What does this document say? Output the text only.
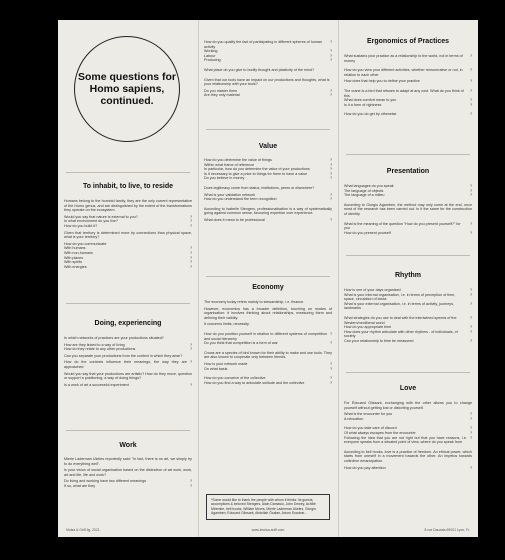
Some questions for Homo sapiens, continued.
To inhabit, to live, to reside

Humans belong to the hominid family, they are the only current representative of the Homo genus, and are distinguished by the extent of the transformations they operate on the ecosystem.

Would you say that nature is external to you?	?
In what environment do you live?	?
How do you build it?	?

Given that territory is determined more by connections than physical space, what is your territory?

How do you communicate
With humans	?
With non-humans	?
With places	?
With spirits	?
With energies	?
Doing, experiencing

In which networks of practices are your productions situated?

How are they linked to a way of living	?
How do they relate to any other productions	?

Can you separate your productions from the context in which they arise?

How do the contexts influence their meanings, the way they are approached
?

Would you say that your productions are artistic? How do they move, question or support a positioning, a way of doing things?

Is a work of art a successful experiment	?
Work

Mierle Laderman Ukeles reportedly said: "In fact, there is no art, we simply try to do everything well".

Is your vision of social organisation based on the distinction of art work, work, art and life, life and work?

Do living and working have two different meanings	?
If so, what are they	?
Motsa & Griff Ilg, 2021.
How do you qualify the fact of participating in different spheres of human activity
?
Working	?
Labour	?
Producing	?

What place do you give to bodily thought and plasticity of the mind?

Given that our tools have an impact on our productions and thoughts, what is your relationship with your tools?

Do you master them	?
Are they only material	?
Value
How do you determine the value of things	?
Within what frame of reference	?
In particular, how do you determine the value of your productions	?
Is it necessary to give a price to things for them to have a value	?
Do you believe in money	?

Does legitimacy come from status, institutions, peers or elsewhere?

What is your validation network	?
How do you understand the term recognition	?

According to Isabelle Stengers, professionalisation is a way of systematically going against common sense, favouring expertise over experience.

What does it mean to be professional	?
Economy

The economy today refers mainly to stewardship, i.e. finance.

However, economics has a broader definition, touching on modes of organisation: it involves thinking about relationships, measuring them and defining their validity.

It concerns limits, necessity.

How do you position yourself in relation to different systems of competition and social hierarchy
?
Do you think that competition is a form of war	?

Crows are a species of bird known for their ability to make and use tools. They are also known to cooperate only between friends.

How is your network made	?
On what basis	?
How do you conceive of the collective	?
How do you find a way to articulate solitude and the collective	?
*Some would like to thank the people with whom it thinks: its guests, accomplices & beloved Stengers, Alain Damasio, John Dewey, Achille Mbembe, bell hooks, William Morris, Mierle Laderman Ukeles, Giorgio Agamben, Edouard Glissant, Abdullah Öcalan, Arturo Escobar...
www.lmotsa-sniff.com
Ergonomics of Practices
What sustains your practice as a relationship to the world, not in terms of money
?
How do you view your different activities, whether remunerative or not, in relation to each other
?
How does that help you to define your practice	?
The crane is a bird that refuses to adapt at any cost. What do you think of this
?
What does comfort mean to you	?
Is it a form of rightness	?
How do you do get by otherwise	?
Presentation
What languages do you speak	?
The language of objects	?
The language of a milieu	?

According to Giorgio Agamben, the method may only come at the end, once most of the research has been carried out. Is it the same for the construction of identity

What is the meaning of the question "How do you present yourself?" for you
?
How do you present yourself	?
Rhythm
How is one of your days organised	?
What is your internal organisation, i.e. in terms of perception of time, space, circulation of ideas
?
What is your external organisation, i.e. in terms of activity, journeys, landmarks
?
What strategies do you use to deal with the intertwined speeds of the Western/neoliberal world
?
How do you appropriate time	?
How does your rhythm articulate with other rhythms - of individuals, of society
?
Can your relationship to time be measured	?
Love

For Édouard Glissant, exchanging with the other allows you to change yourself without getting lost or distorting yourself.

What is the encounter for you	?
A relocation	?
How do you take care of discord	?
Of what always escapes from the encounter	?
Following the idea that you are not right but that you have reasons, i.e. everyone speaks from a situated point of view, where do you speak from
?

According to bell hooks, love is a practice of freedom. An ethical power, which starts from oneself in a movement towards the other. An impetus towards collective emancipation.

How do you pay attention	?
8 rue Dauzats 69001 Lyon, Fr.
